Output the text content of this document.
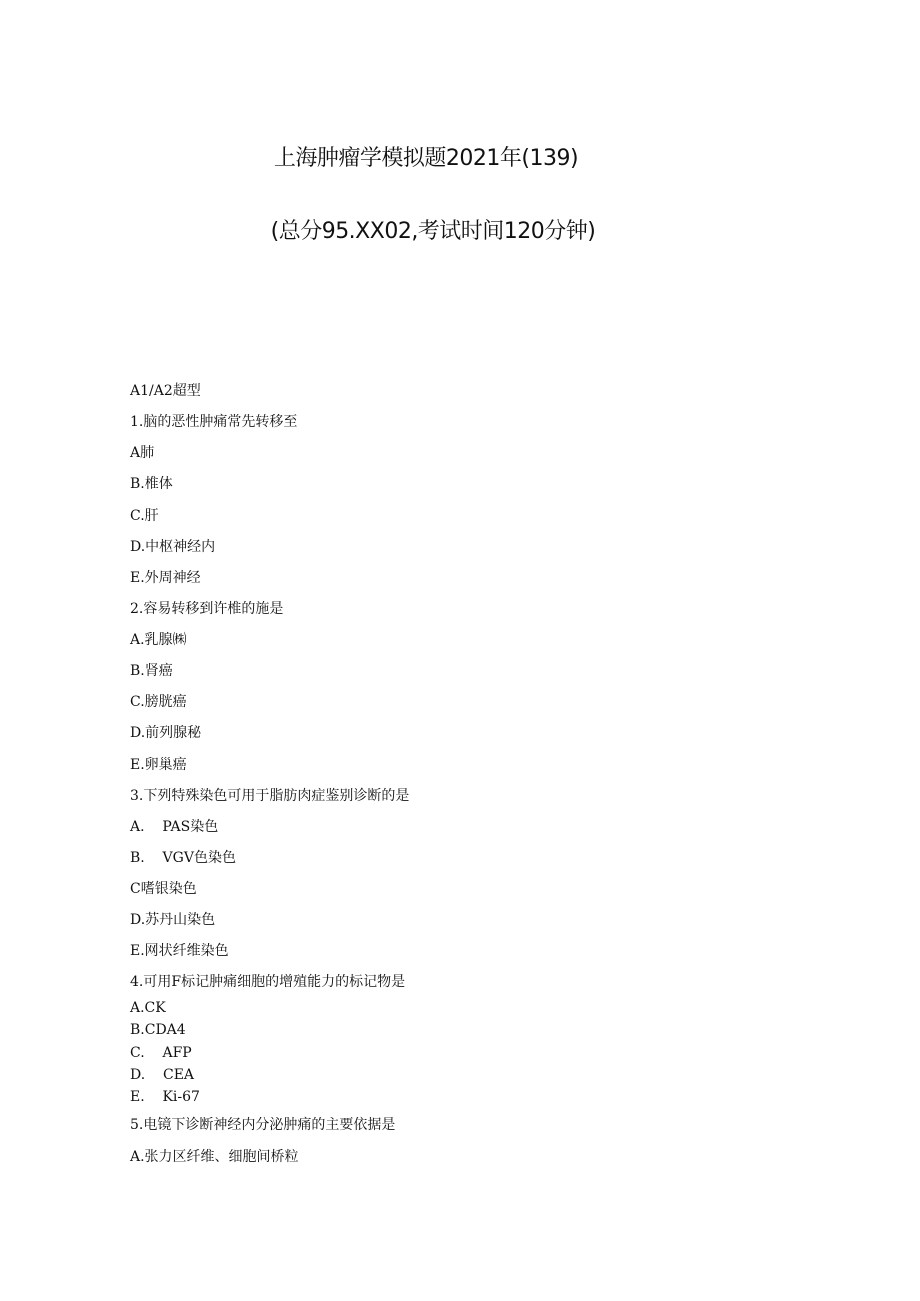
上海肿瘤学模拟题2021年(139)
(总分95.XX02,考试时间120分钟)
A1/A2超型
1.脑的恶性肿痛常先转移至
A肺
B.椎体
C.肝
D.中枢神经内
E.外周神经
2.容易转移到许椎的施是
A.乳腺㈱
B.肾癌
C.膀胱癌
D.前列腺秘
E.卵巢癌
3.下列特殊染色可用于脂肪肉症鉴别诊断的是
A.    PAS染色
B.    VGV色染色
C嗜银染色
D.苏丹山染色
E.网状纤维染色
4.可用F标记肿痛细胞的增殖能力的标记物是
A.CK
B.CDA4
C.    AFP
D.    CEA
E.    Ki-67
5.电镜下诊断神经内分泌肿痛的主要依据是
A.张力区纤维、细胞间桥粒
